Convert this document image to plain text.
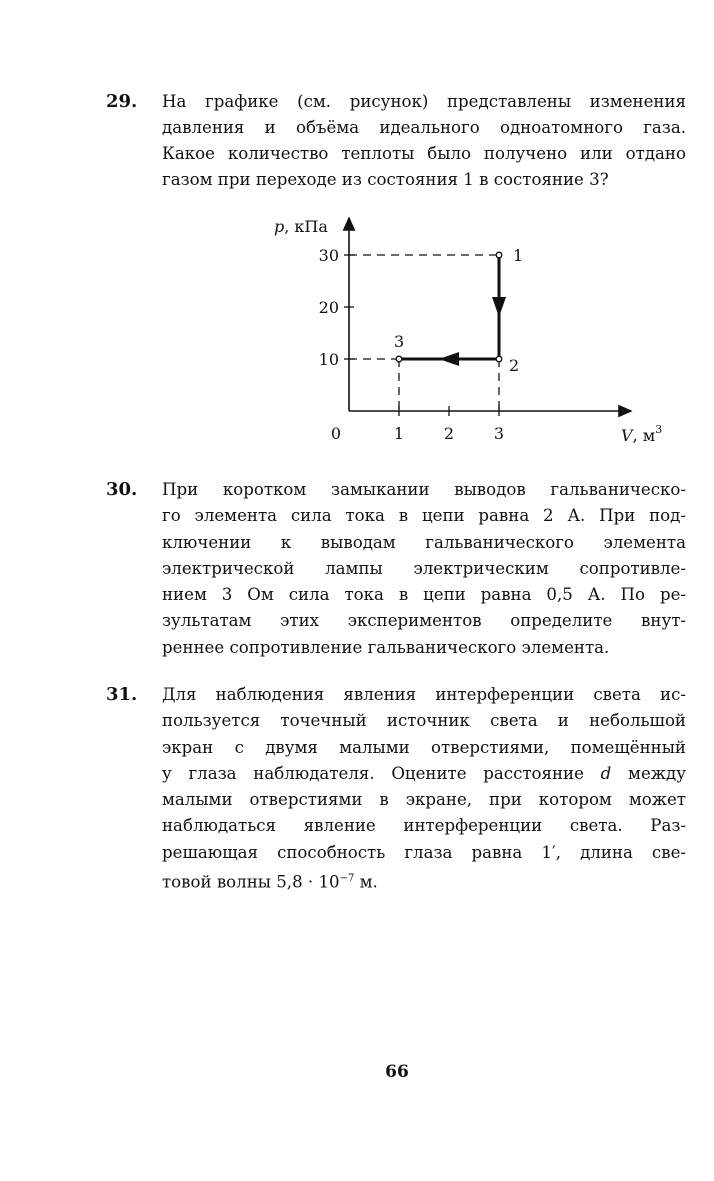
29. На графике (см. рисунок) представлены изменения
давления и объёма идеального одноатомного газа.
Какое количество теплоты было получено или отдано
газом при переходе из состояния 1 в состояние 3?
10
20
30
0	1 2 3
p, кПа
V, $м^3$
1
2
3
30. При коротком замыкании выводов гальваническо-
го элемента сила тока в цепи равна 2 А. При под-
ключении к выводам гальванического элемента
электрической лампы электрическим сопротивле-
нием 3 Ом сила тока в цепи равна 0,5 А. По ре-
зультатам этих экспериментов определите внут-
реннее сопротивление гальванического элемента.
31. Для наблюдения явления интерференции света ис-
пользуется точечный источник света и небольшой
экран с двумя малыми отверстиями, помещённый
у глаза наблюдателя. Оцените расстояние d между
малыми отверстиями в экране, при котором может
наблюдаться явление интерференции света. Раз-
решающая способность глаза равна 1′, длина све-
товой волны $5,8 \cdot 10^{-7}$ м.
66
